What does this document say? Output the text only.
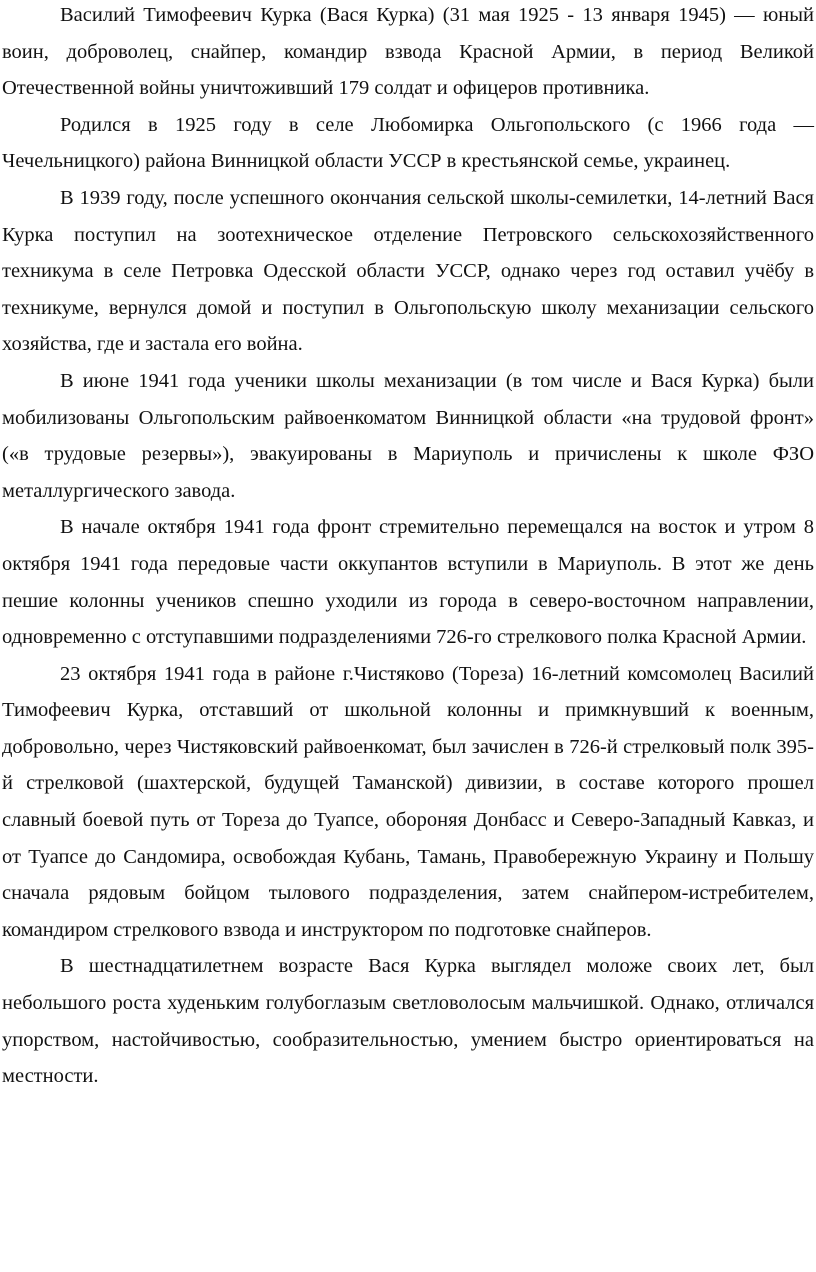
Василий Тимофеевич Курка (Вася Курка) (31 мая 1925 - 13 января 1945) — юный воин, доброволец, снайпер, командир взвода Красной Армии, в период Великой Отечественной войны уничтоживший 179 солдат и офицеров противника.

Родился в 1925 году в селе Любомирка Ольгопольского (с 1966 года — Чечельницкого) района Винницкой области УССР в крестьянской семье, украинец.

В 1939 году, после успешного окончания сельской школы-семилетки, 14-летний Вася Курка поступил на зоотехническое отделение Петровского сельскохозяйственного техникума в селе Петровка Одесской области УССР, однако через год оставил учёбу в техникуме, вернулся домой и поступил в Ольгопольскую школу механизации сельского хозяйства, где и застала его война.

В июне 1941 года ученики школы механизации (в том числе и Вася Курка) были мобилизованы Ольгопольским райвоенкоматом Винницкой области «на трудовой фронт» («в трудовые резервы»), эвакуированы в Мариуполь и причислены к школе ФЗО металлургического завода.

В начале октября 1941 года фронт стремительно перемещался на восток и утром 8 октября 1941 года передовые части оккупантов вступили в Мариуполь. В этот же день пешие колонны учеников спешно уходили из города в северо-восточном направлении, одновременно с отступавшими подразделениями 726-го стрелкового полка Красной Армии.

23 октября 1941 года в районе г.Чистяково (Тореза) 16-летний комсомолец Василий Тимофеевич Курка, отставший от школьной колонны и примкнувший к военным, добровольно, через Чистяковский райвоенкомат, был зачислен в 726-й стрелковый полк 395-й стрелковой (шахтерской, будущей Таманской) дивизии, в составе которого прошел славный боевой путь от Тореза до Туапсе, обороняя Донбасс и Северо-Западный Кавказ, и от Туапсе до Сандомира, освобождая Кубань, Тамань, Правобережную Украину и Польшу сначала рядовым бойцом тылового подразделения, затем снайпером-истребителем, командиром стрелкового взвода и инструктором по подготовке снайперов.

В шестнадцатилетнем возрасте Вася Курка выглядел моложе своих лет, был небольшого роста худеньким голубоглазым светловолосым мальчишкой. Однако, отличался упорством, настойчивостью, сообразительностью, умением быстро ориентироваться на местности.
